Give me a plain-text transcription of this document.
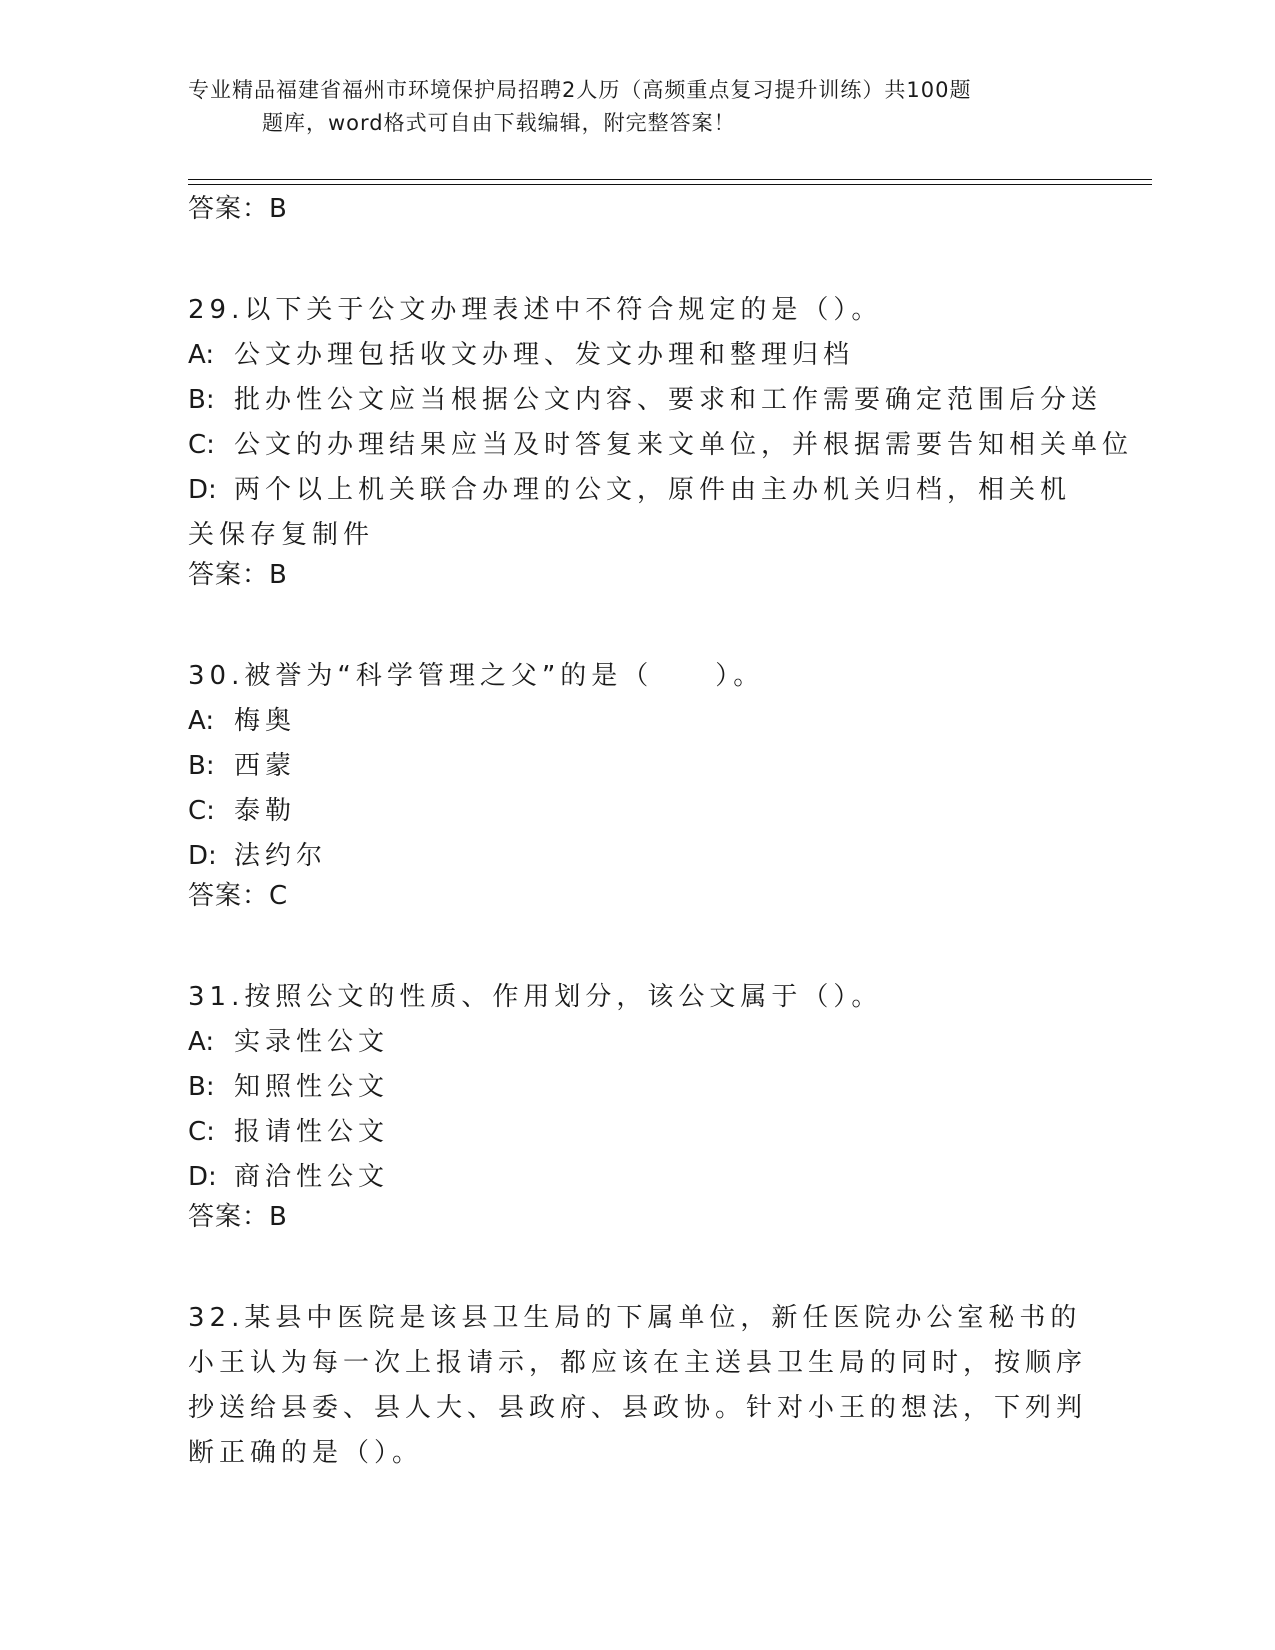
专业精品福建省福州市环境保护局招聘2人历（高频重点复习提升训练）共100题
题库，word格式可自由下载编辑，附完整答案！
答案：B
29.以下关于公文办理表述中不符合规定的是（）。
A: 公文办理包括收文办理、发文办理和整理归档
B: 批办性公文应当根据公文内容、要求和工作需要确定范围后分送
C: 公文的办理结果应当及时答复来文单位，并根据需要告知相关单位
D: 两个以上机关联合办理的公文，原件由主办机关归档，相关机关保存复制件
答案：B
30.被誉为“科学管理之父”的是（　　）。
A: 梅奥
B: 西蒙
C: 泰勒
D: 法约尔
答案：C
31.按照公文的性质、作用划分，该公文属于（）。
A: 实录性公文
B: 知照性公文
C: 报请性公文
D: 商洽性公文
答案：B
32.某县中医院是该县卫生局的下属单位，新任医院办公室秘书的小王认为每一次上报请示，都应该在主送县卫生局的同时，按顺序抄送给县委、县人大、县政府、县政协。针对小王的想法，下列判断正确的是（）。
